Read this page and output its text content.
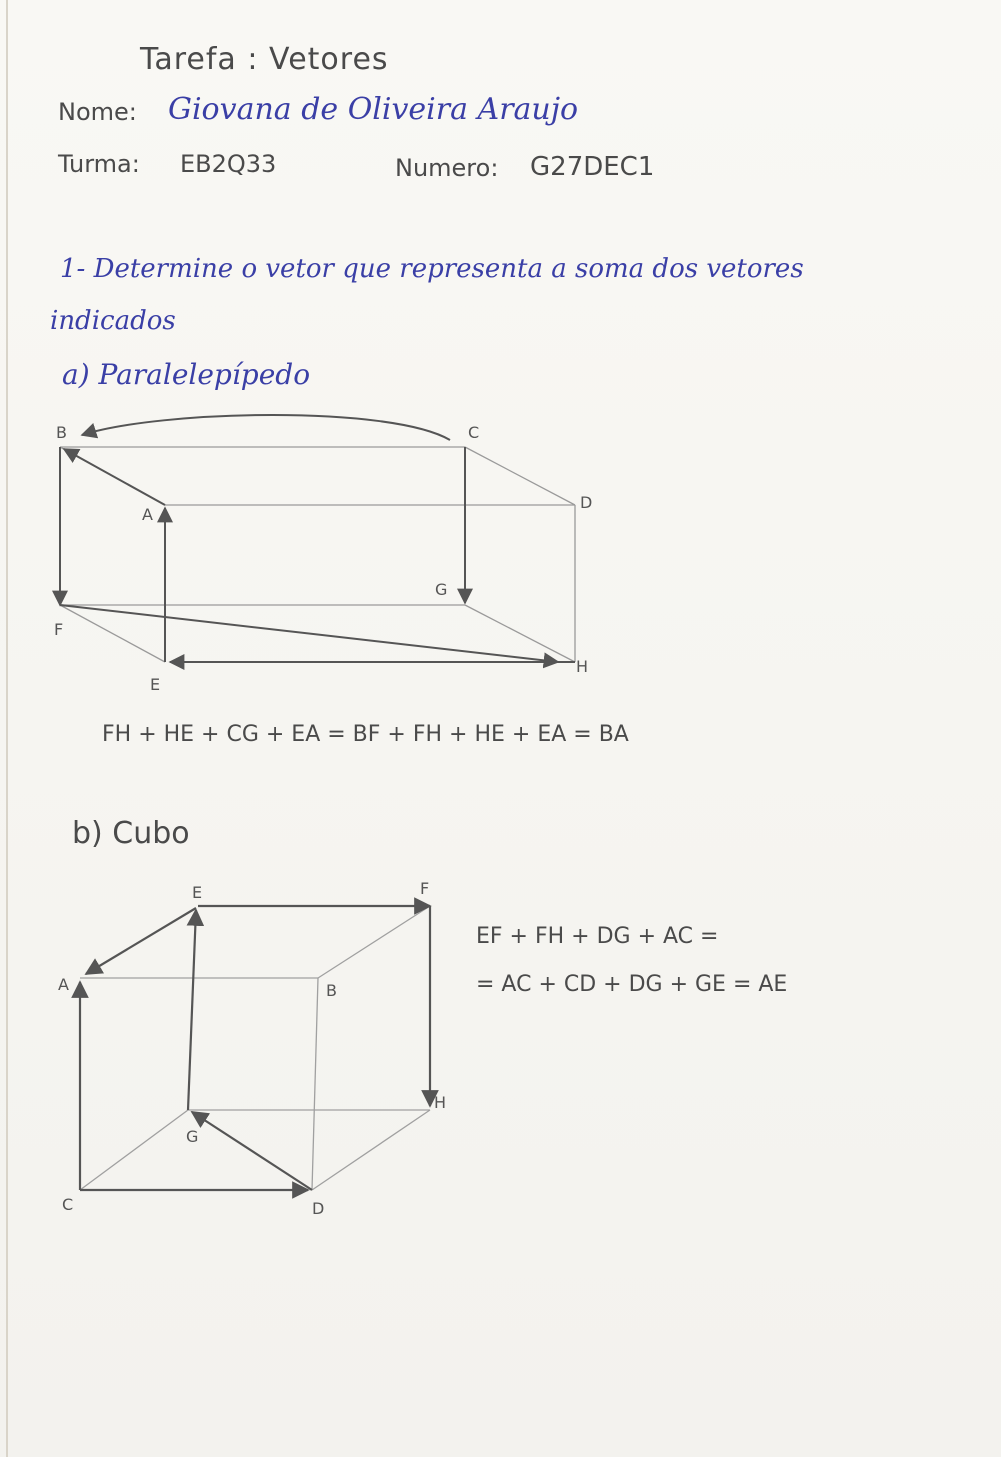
Tarefa : Vetores
Nome: Giovana de Oliveira Araujo
Turma: EB2Q33	Numero: G27DEC1
1- Determine o vetor que representa a soma dos vetores
indicados
a) Paralelepípedo
B	C
A
D
G
F
E
H
FH + HE + CG + EA = BF + FH + HE + EA = BA
b) Cubo
E	F
A	B
G
H
C	D
EF + FH + DG + AC =
= AC + CD + DG + GE = AE
